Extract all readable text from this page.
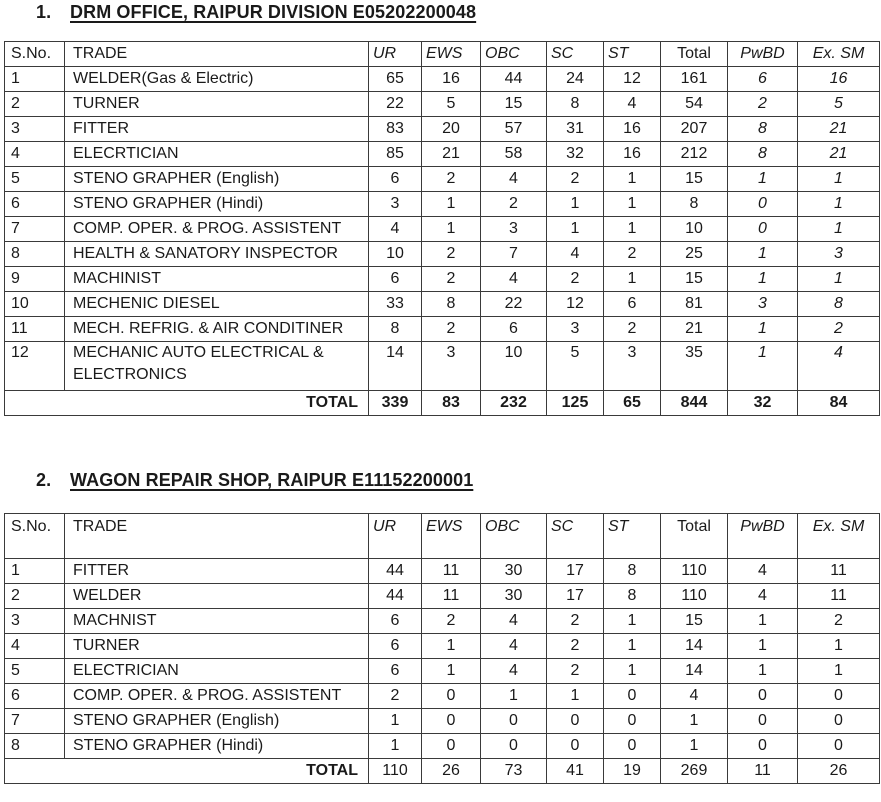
1. DRM OFFICE, RAIPUR DIVISION E05202200048
S.No.	TRADE	UR	EWS	OBC	SC	ST	Total	PwBD	Ex. SM
1	WELDER(Gas & Electric)	65	16	44	24	12	161	6	16
2	TURNER	22	5	15	8	4	54	2	5
3	FITTER	83	20	57	31	16	207	8	21
4	ELECRTICIAN	85	21	58	32	16	212	8	21
5	STENO GRAPHER (English)	6	2	4	2	1	15	1	1
6	STENO GRAPHER (Hindi)	3	1	2	1	1	8	0	1
7	COMP. OPER. & PROG. ASSISTENT	4	1	3	1	1	10	0	1
8	HEALTH & SANATORY INSPECTOR	10	2	7	4	2	25	1	3
9	MACHINIST	6	2	4	2	1	15	1	1
10	MECHENIC DIESEL	33	8	22	12	6	81	3	8
11	MECH. REFRIG. & AIR CONDITINER	8	2	6	3	2	21	1	2
12	MECHANIC AUTO ELECTRICAL & ELECTRONICS	14	3	10	5	3	35	1	4
TOTAL		339	83	232	125	65	844	32	84
2. WAGON REPAIR SHOP, RAIPUR E11152200001
S.No.	TRADE	UR	EWS	OBC	SC	ST	Total	PwBD	Ex. SM
1	FITTER	44	11	30	17	8	110	4	11
2	WELDER	44	11	30	17	8	110	4	11
3	MACHNIST	6	2	4	2	1	15	1	2
4	TURNER	6	1	4	2	1	14	1	1
5	ELECTRICIAN	6	1	4	2	1	14	1	1
6	COMP. OPER. & PROG. ASSISTENT	2	0	1	1	0	4	0	0
7	STENO GRAPHER (English)	1	0	0	0	0	1	0	0
8	STENO GRAPHER (Hindi)	1	0	0	0	0	1	0	0
TOTAL		110	26	73	41	19	269	11	26
